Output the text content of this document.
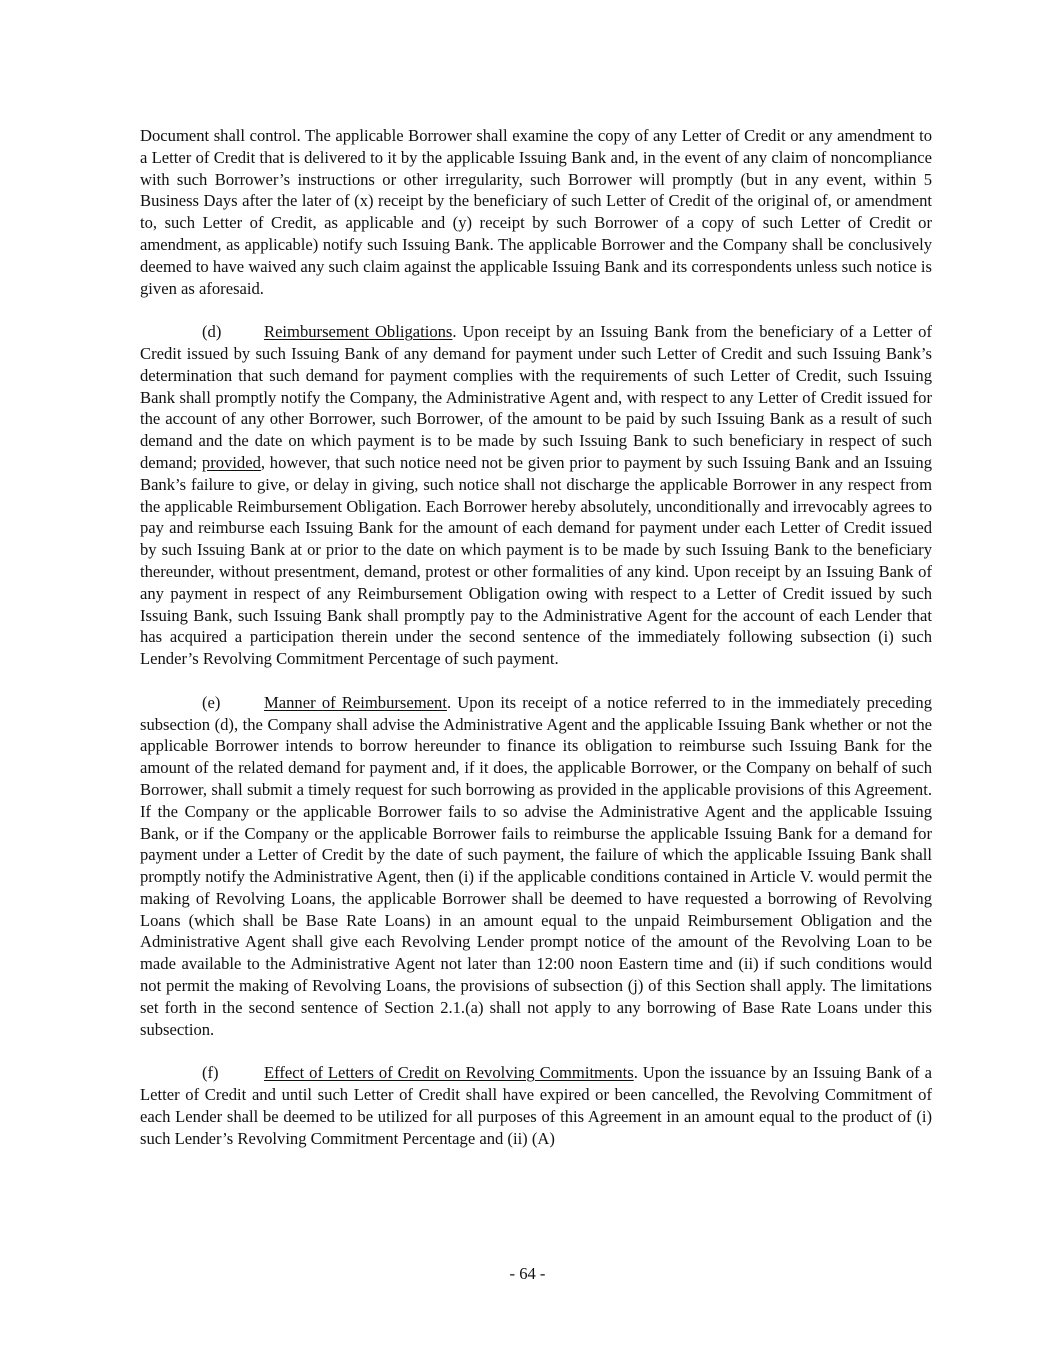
Document shall control. The applicable Borrower shall examine the copy of any Letter of Credit or any amendment to a Letter of Credit that is delivered to it by the applicable Issuing Bank and, in the event of any claim of noncompliance with such Borrower’s instructions or other irregularity, such Borrower will promptly (but in any event, within 5 Business Days after the later of (x) receipt by the beneficiary of such Letter of Credit of the original of, or amendment to, such Letter of Credit, as applicable and (y) receipt by such Borrower of a copy of such Letter of Credit or amendment, as applicable) notify such Issuing Bank. The applicable Borrower and the Company shall be conclusively deemed to have waived any such claim against the applicable Issuing Bank and its correspondents unless such notice is given as aforesaid.

(d)	Reimbursement Obligations. Upon receipt by an Issuing Bank from the beneficiary of a Letter of Credit issued by such Issuing Bank of any demand for payment under such Letter of Credit and such Issuing Bank’s determination that such demand for payment complies with the requirements of such Letter of Credit, such Issuing Bank shall promptly notify the Company, the Administrative Agent and, with respect to any Letter of Credit issued for the account of any other Borrower, such Borrower, of the amount to be paid by such Issuing Bank as a result of such demand and the date on which payment is to be made by such Issuing Bank to such beneficiary in respect of such demand; provided, however, that such notice need not be given prior to payment by such Issuing Bank and an Issuing Bank’s failure to give, or delay in giving, such notice shall not discharge the applicable Borrower in any respect from the applicable Reimbursement Obligation. Each Borrower hereby absolutely, unconditionally and irrevocably agrees to pay and reimburse each Issuing Bank for the amount of each demand for payment under each Letter of Credit issued by such Issuing Bank at or prior to the date on which payment is to be made by such Issuing Bank to the beneficiary thereunder, without presentment, demand, protest or other formalities of any kind. Upon receipt by an Issuing Bank of any payment in respect of any Reimbursement Obligation owing with respect to a Letter of Credit issued by such Issuing Bank, such Issuing Bank shall promptly pay to the Administrative Agent for the account of each Lender that has acquired a participation therein under the second sentence of the immediately following subsection (i) such Lender’s Revolving Commitment Percentage of such payment.

(e)	Manner of Reimbursement. Upon its receipt of a notice referred to in the immediately preceding subsection (d), the Company shall advise the Administrative Agent and the applicable Issuing Bank whether or not the applicable Borrower intends to borrow hereunder to finance its obligation to reimburse such Issuing Bank for the amount of the related demand for payment and, if it does, the applicable Borrower, or the Company on behalf of such Borrower, shall submit a timely request for such borrowing as provided in the applicable provisions of this Agreement. If the Company or the applicable Borrower fails to so advise the Administrative Agent and the applicable Issuing Bank, or if the Company or the applicable Borrower fails to reimburse the applicable Issuing Bank for a demand for payment under a Letter of Credit by the date of such payment, the failure of which the applicable Issuing Bank shall promptly notify the Administrative Agent, then (i) if the applicable conditions contained in Article V. would permit the making of Revolving Loans, the applicable Borrower shall be deemed to have requested a borrowing of Revolving Loans (which shall be Base Rate Loans) in an amount equal to the unpaid Reimbursement Obligation and the Administrative Agent shall give each Revolving Lender prompt notice of the amount of the Revolving Loan to be made available to the Administrative Agent not later than 12:00 noon Eastern time and (ii) if such conditions would not permit the making of Revolving Loans, the provisions of subsection (j) of this Section shall apply. The limitations set forth in the second sentence of Section 2.1.(a) shall not apply to any borrowing of Base Rate Loans under this subsection.

(f)	Effect of Letters of Credit on Revolving Commitments. Upon the issuance by an Issuing Bank of a Letter of Credit and until such Letter of Credit shall have expired or been cancelled, the Revolving Commitment of each Lender shall be deemed to be utilized for all purposes of this Agreement in an amount equal to the product of (i) such Lender’s Revolving Commitment Percentage and (ii) (A)

- 64 -
